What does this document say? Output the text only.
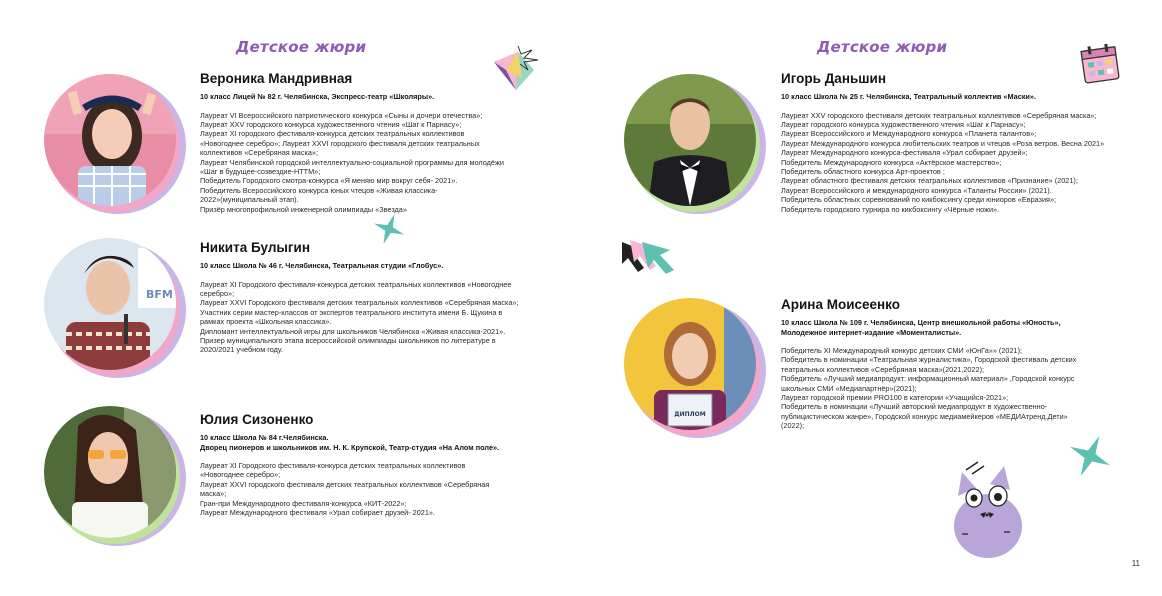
Детское жюри	Детское жюри
BFM
ДИПЛОМ
Вероника Мандривная
10 класс Лицей № 82 г. Челябинска, Экспресс-театр «Школяры».
Лауреат VI Всероссийского патриотического конкурса «Сыны и дочери отечества»;
Лауреат XXV городского конкурса художественного чтения «Шаг к Парнасу»;
Лауреат XI городского фестиваля-конкурса детских театральных коллективов
«Новогоднее серебро»; Лауреат XXVI городского фестиваля детских театральных
коллективов «Серебряная маска»;
Лауреат Челябинской городской интеллектуально-социальной программы для молодёжи
«Шаг в будущее-созвездие-НТТМ»;
Победитель Городского смотра-конкурса «Я меняю мир вокруг себя- 2021».
Победитель Всероссийского конкурса юных чтецов «Живая классика-
2022»(муниципальный этап).
Призёр многопрофильной инженерной олимпиады «Звезда»
Никита Булыгин
10 класс Школа № 46 г. Челябинска, Театральная студии «Глобус».
Лауреат XI Городского фестиваля-конкурса детских театральных коллективов «Новогоднее
серебро»;
Лауреат XXVI Городского фестиваля детских театральных коллективов «Серебряная маска»;
Участник серии мастер-классов от экспертов театрального института имени Б. Щукина в
рамках проекта «Школьная классика».
Дипломант интеллектуальной игры для школьников Челябинска «Живая классика-2021».
Призер муниципального этапа всероссийской олимпиады школьников по литературе в
2020/2021 учебном году.
Юлия Сизоненко
10 класс Школа № 84 г.Челябинска.
Дворец пионеров и школьников им. Н. К. Крупской, Театр-студия «На Алом поле».
Лауреат XI Городского фестиваля-конкурса детских театральных коллективов
«Новогоднее серебро»;
Лауреат XXVI городского фестиваля детских театральных коллективов «Серебряная
маска»;
Гран-при Международного фестиваля-конкурса «КИТ-2022»;
Лауреат Международного фестиваля «Урал собирает друзей- 2021».
Игорь Даньшин
10 класс Школа № 25 г. Челябинска, Театральный коллектив «Маски».
Лауреат XXV городского фестиваля детских театральных коллективов «Серебряная маска»;
Лауреат городского конкурса художественного чтения «Шаг к Парнасу»;
Лауреат Всероссийского и Международного конкурса «Планета талантов»;
Лауреат Международного конкурса любительских театров и чтецов «Роза ветров. Весна 2021»
Лауреат Международного конкурса-фестиваля «Урал собирает друзей»;
Победитель Международного конкурса «Актёрское мастерство»;
Победитель областного конкурса Арт-проектов ;
Лауреат областного фестиваля детских театральных коллективов «Признание» (2021);
Лауреат Всероссийского и международного конкурса «Таланты России» (2021).
Победитель областных соревнований по кикбоксингу среди юниоров «Евразия»;
Победитель городского турнира по кикбоксингу «Чёрные ножи».
Арина Моисеенко
10 класс Школа № 109 г. Челябинска, Центр внешкольной работы «Юность»,
Молодежное интернет-издание «Моменталисты».
Победитель XI Международный конкурс детских СМИ «ЮнГа»» (2021);
Победитель в номинации «Театральная журналистика», Городской фестиваль детских
театральных коллективов «Серебряная маска»(2021,2022);
Победитель «Лучший медиапродукт: информационный материал» ,Городской конкурс
школьных СМИ «Медиапартнёр»(2021);
Лауреат городской премии PRO100 в категории «Учащийся-2021»;
Победитель в номинации «Лучший авторский медиапродукт в художественно-
публицистическом жанре», Городской конкурс медиамейкеров «МЕДИАтренд.Дети»
(2022);
11
